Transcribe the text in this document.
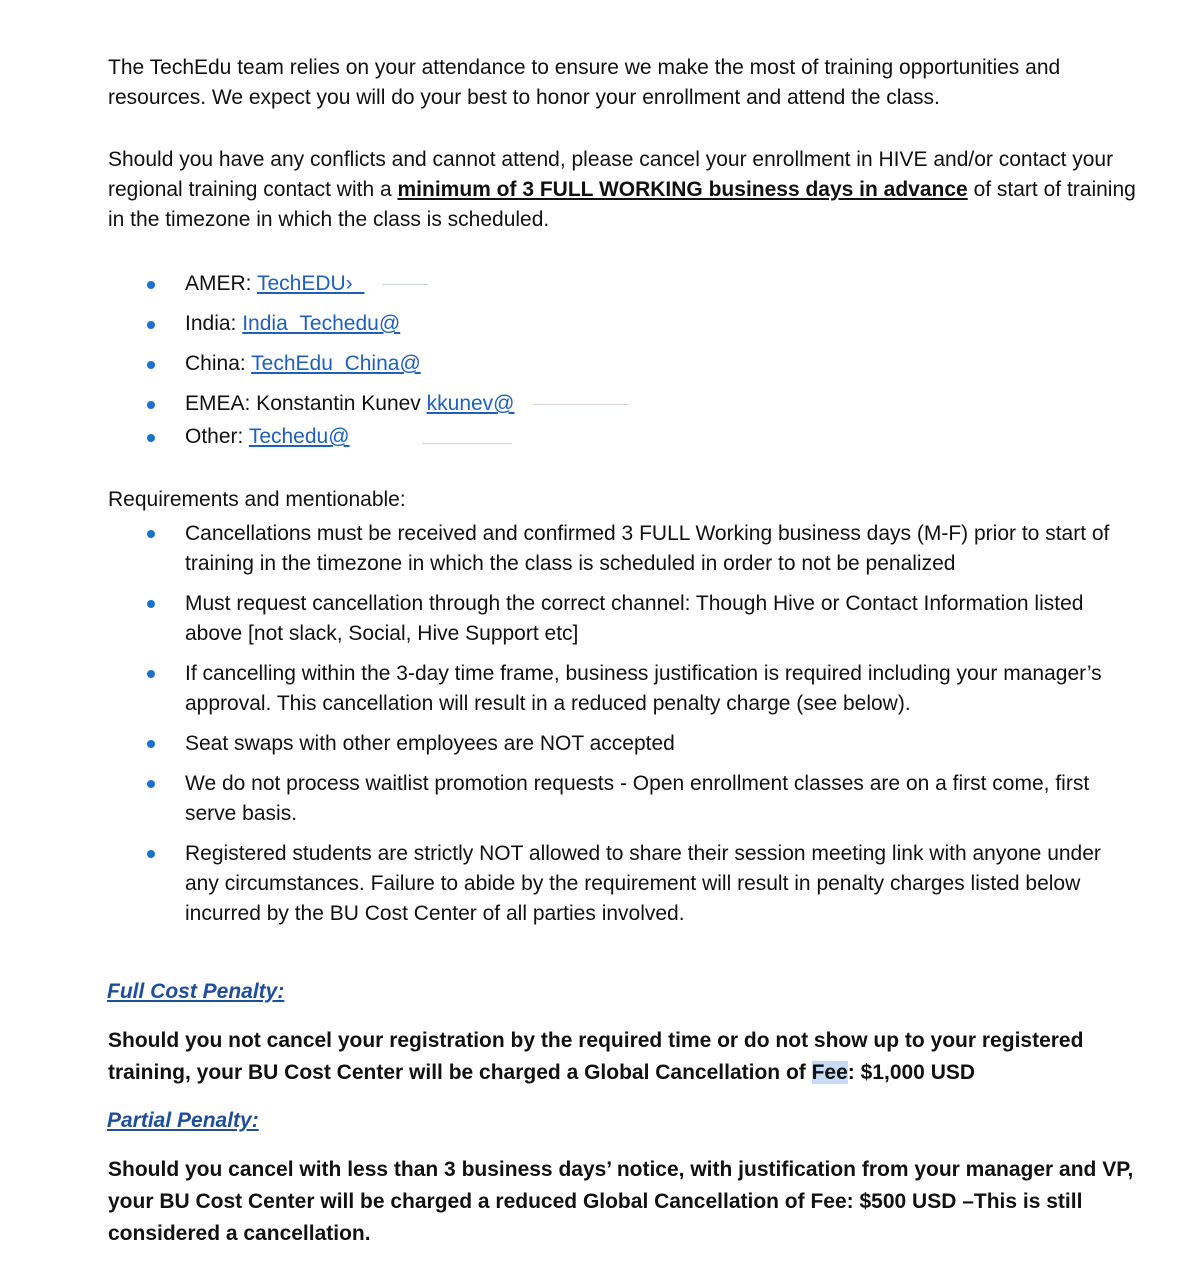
The TechEdu team relies on your attendance to ensure we make the most of training opportunities and resources. We expect you will do your best to honor your enrollment and attend the class.

Should you have any conflicts and cannot attend, please cancel your enrollment in HIVE and/or contact your regional training contact with a minimum of 3 FULL WORKING business days in advance of start of training in the timezone in which the class is scheduled.

AMER: TechEDU›_

India: India_Techedu@

China: TechEdu_China@

EMEA: Konstantin Kunev kkunev@

Other: Techedu@

Requirements and mentionable:

Cancellations must be received and confirmed 3 FULL Working business days (M-F) prior to start of training in the timezone in which the class is scheduled in order to not be penalized

Must request cancellation through the correct channel: Though Hive or Contact Information listed above [not slack, Social, Hive Support etc]

If cancelling within the 3-day time frame, business justification is required including your manager’s approval. This cancellation will result in a reduced penalty charge (see below).

Seat swaps with other employees are NOT accepted

We do not process waitlist promotion requests - Open enrollment classes are on a first come, first serve basis.

Registered students are strictly NOT allowed to share their session meeting link with anyone under any circumstances. Failure to abide by the requirement will result in penalty charges listed below incurred by the BU Cost Center of all parties involved.

Full Cost Penalty:

Should you not cancel your registration by the required time or do not show up to your registered training, your BU Cost Center will be charged a Global Cancellation of Fee: $1,000 USD

Partial Penalty:

Should you cancel with less than 3 business days’ notice, with justification from your manager and VP, your BU Cost Center will be charged a reduced Global Cancellation of Fee: $500 USD –This is still considered a cancellation.
